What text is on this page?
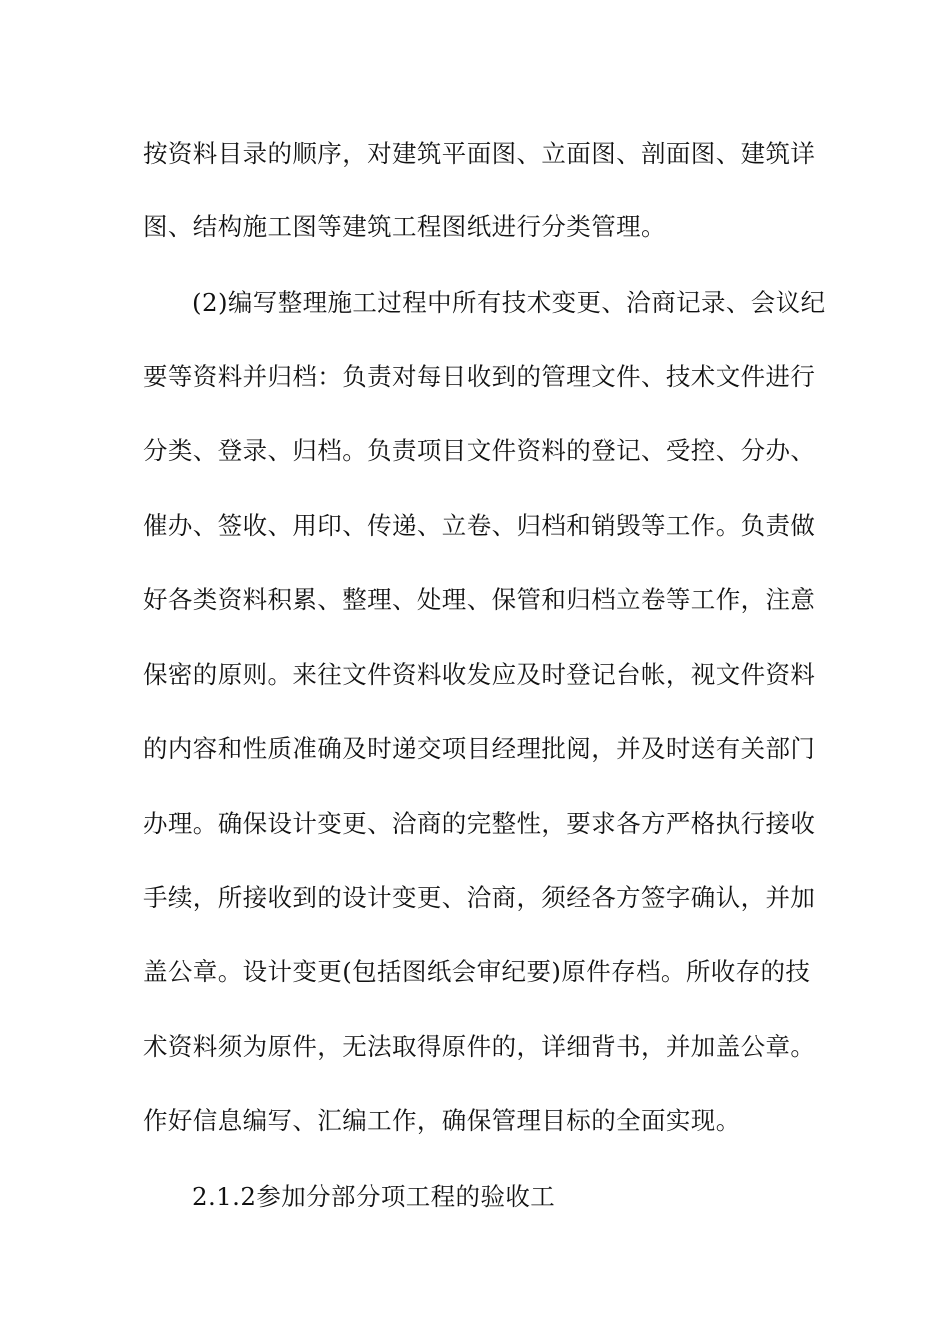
按资料目录的顺序，对建筑平面图、立面图、剖面图、建筑详
图、结构施工图等建筑工程图纸进行分类管理。
(2)编写整理施工过程中所有技术变更、洽商记录、会议纪
要等资料并归档：负责对每日收到的管理文件、技术文件进行
分类、登录、归档。负责项目文件资料的登记、受控、分办、
催办、签收、用印、传递、立卷、归档和销毁等工作。负责做
好各类资料积累、整理、处理、保管和归档立卷等工作，注意
保密的原则。来往文件资料收发应及时登记台帐，视文件资料
的内容和性质准确及时递交项目经理批阅，并及时送有关部门
办理。确保设计变更、洽商的完整性，要求各方严格执行接收
手续，所接收到的设计变更、洽商，须经各方签字确认，并加
盖公章。设计变更(包括图纸会审纪要)原件存档。所收存的技
术资料须为原件，无法取得原件的，详细背书，并加盖公章。
作好信息编写、汇编工作，确保管理目标的全面实现。
2.1.2参加分部分项工程的验收工
